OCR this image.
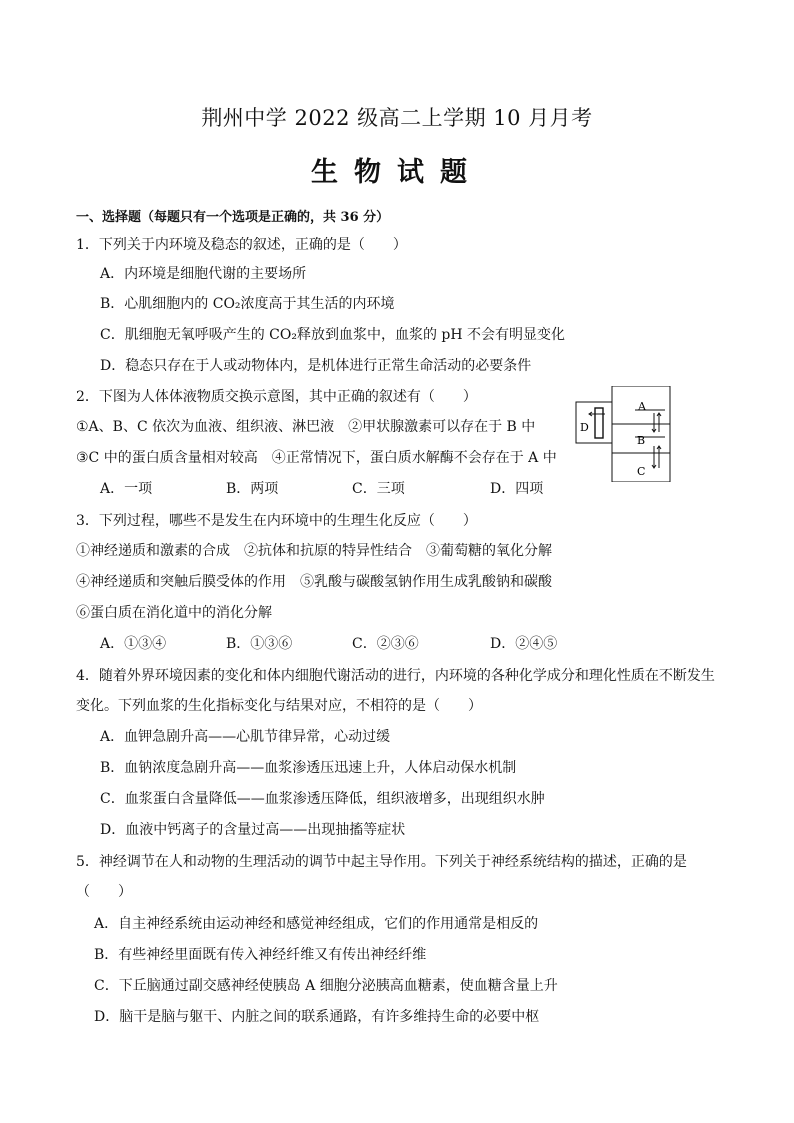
荆州中学 2022 级高二上学期 10 月月考
生物试题
一、选择题（每题只有一个选项是正确的，共 36 分）
1．下列关于内环境及稳态的叙述，正确的是（　　）
A．内环境是细胞代谢的主要场所
B．心肌细胞内的 CO₂浓度高于其生活的内环境
C．肌细胞无氧呼吸产生的 CO₂释放到血浆中，血浆的 pH 不会有明显变化
D．稳态只存在于人或动物体内，是机体进行正常生命活动的必要条件
2．下图为人体体液物质交换示意图，其中正确的叙述有（　　）
①A、B、C 依次为血液、组织液、淋巴液　②甲状腺激素可以存在于 B 中
③C 中的蛋白质含量相对较高　④正常情况下，蛋白质水解酶不会存在于 A 中
A．一项	B．两项	C．三项	D．四项
A
B
C
D
3．下列过程，哪些不是发生在内环境中的生理生化反应（　　）
①神经递质和激素的合成　②抗体和抗原的特异性结合　③葡萄糖的氧化分解
④神经递质和突触后膜受体的作用　⑤乳酸与碳酸氢钠作用生成乳酸钠和碳酸
⑥蛋白质在消化道中的消化分解
A．①③④	B．①③⑥	C．②③⑥	D．②④⑤
4．随着外界环境因素的变化和体内细胞代谢活动的进行，内环境的各种化学成分和理化性质在不断发生
变化。下列血浆的生化指标变化与结果对应，不相符的是（　　）
A．血钾急剧升高——心肌节律异常，心动过缓
B．血钠浓度急剧升高——血浆渗透压迅速上升，人体启动保水机制
C．血浆蛋白含量降低——血浆渗透压降低，组织液增多，出现组织水肿
D．血液中钙离子的含量过高——出现抽搐等症状
5．神经调节在人和动物的生理活动的调节中起主导作用。下列关于神经系统结构的描述，正确的是
（　　）
A．自主神经系统由运动神经和感觉神经组成，它们的作用通常是相反的
B．有些神经里面既有传入神经纤维又有传出神经纤维
C．下丘脑通过副交感神经使胰岛 A 细胞分泌胰高血糖素，使血糖含量上升
D．脑干是脑与躯干、内脏之间的联系通路，有许多维持生命的必要中枢
